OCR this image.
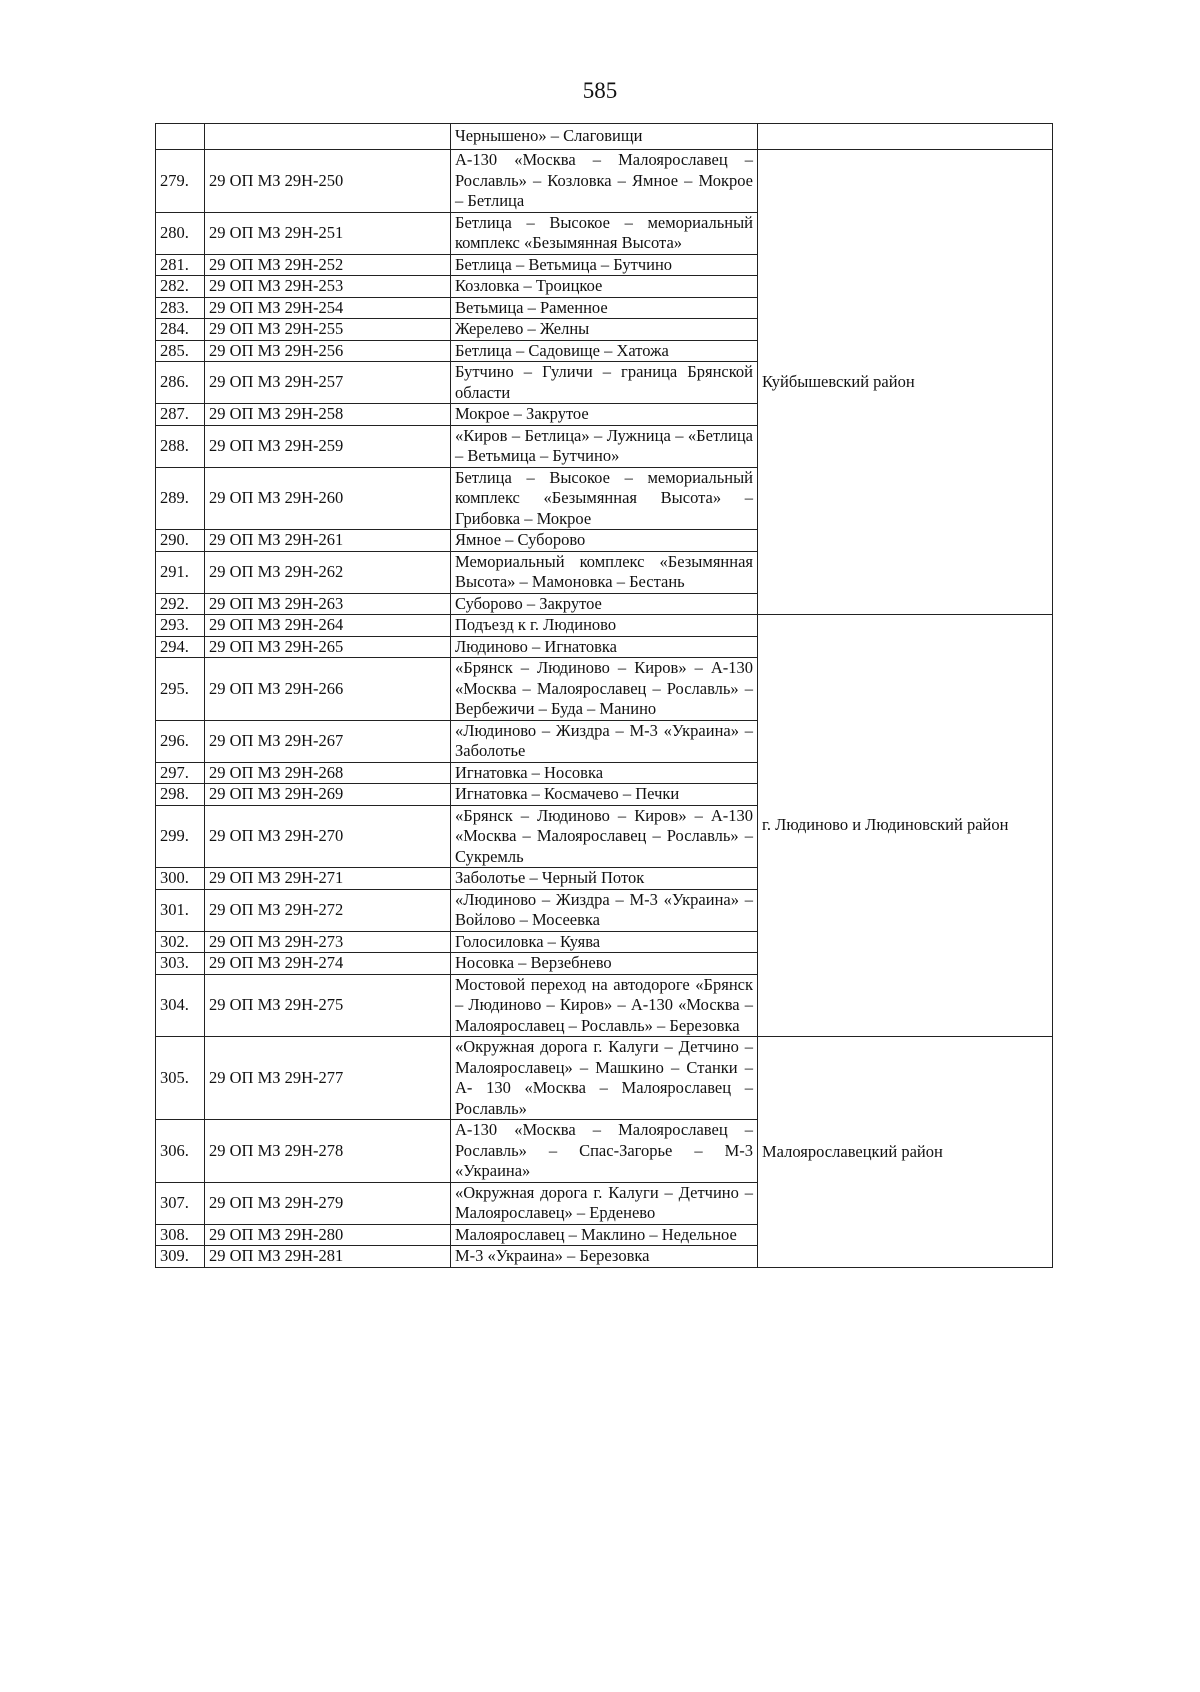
585
		Чернышено» – Слаговищи	
279.	29 ОП МЗ 29Н-250	А-130 «Москва – Малоярославец – Рославль» – Козловка – Ямное – Мокрое – Бетлица	Куйбышевский район
280.	29 ОП МЗ 29Н-251	Бетлица – Высокое – мемориальный комплекс «Безымянная Высота»	
281.	29 ОП МЗ 29Н-252	Бетлица – Ветьмица – Бутчино	
282.	29 ОП МЗ 29Н-253	Козловка – Троицкое	
283.	29 ОП МЗ 29Н-254	Ветьмица – Раменное	
284.	29 ОП МЗ 29Н-255	Жерелево – Желны	
285.	29 ОП МЗ 29Н-256	Бетлица – Садовище – Хатожа	
286.	29 ОП МЗ 29Н-257	Бутчино – Гуличи – граница Брянской области	
287.	29 ОП МЗ 29Н-258	Мокрое – Закрутое	
288.	29 ОП МЗ 29Н-259	«Киров – Бетлица» – Лужница – «Бетлица – Ветьмица – Бутчино»	
289.	29 ОП МЗ 29Н-260	Бетлица – Высокое – мемориальный комплекс «Безымянная Высота» – Грибовка – Мокрое	
290.	29 ОП МЗ 29Н-261	Ямное – Суборово	
291.	29 ОП МЗ 29Н-262	Мемориальный комплекс «Безымянная Высота» – Мамоновка – Бестань	
292.	29 ОП МЗ 29Н-263	Суборово – Закрутое	
293.	29 ОП МЗ 29Н-264	Подъезд к г. Людиново	г. Людиново и Людиновский район
294.	29 ОП МЗ 29Н-265	Людиново – Игнатовка	
295.	29 ОП МЗ 29Н-266	«Брянск – Людиново – Киров» – А-130 «Москва – Малоярославец – Рославль» – Вербежичи – Буда – Манино	
296.	29 ОП МЗ 29Н-267	«Людиново – Жиздра – М-3 «Украина» – Заболотье	
297.	29 ОП МЗ 29Н-268	Игнатовка – Носовка	
298.	29 ОП МЗ 29Н-269	Игнатовка – Космачево – Печки	
299.	29 ОП МЗ 29Н-270	«Брянск – Людиново – Киров» – А-130 «Москва – Малоярославец – Рославль» – Сукремль	
300.	29 ОП МЗ 29Н-271	Заболотье – Черный Поток	
301.	29 ОП МЗ 29Н-272	«Людиново – Жиздра – М-3 «Украина» – Войлово – Мосеевка	
302.	29 ОП МЗ 29Н-273	Голосиловка – Куява	
303.	29 ОП МЗ 29Н-274	Носовка – Верзебнево	
304.	29 ОП МЗ 29Н-275	Мостовой переход на автодороге «Брянск – Людиново – Киров» – А-130 «Москва – Малоярославец – Рославль» – Березовка	
305.	29 ОП МЗ 29Н-277	«Окружная дорога г. Калуги – Детчино – Малоярославец» – Машкино – Станки – А- 130 «Москва – Малоярославец – Рославль»	Малоярославецкий район
306.	29 ОП МЗ 29Н-278	А-130 «Москва – Малоярославец – Рославль» – Спас-Загорье – М-3 «Украина»	
307.	29 ОП МЗ 29Н-279	«Окружная дорога г. Калуги – Детчино – Малоярославец» – Ерденево	
308.	29 ОП МЗ 29Н-280	Малоярославец – Маклино – Недельное	
309.	29 ОП МЗ 29Н-281	М-3 «Украина» – Березовка	
